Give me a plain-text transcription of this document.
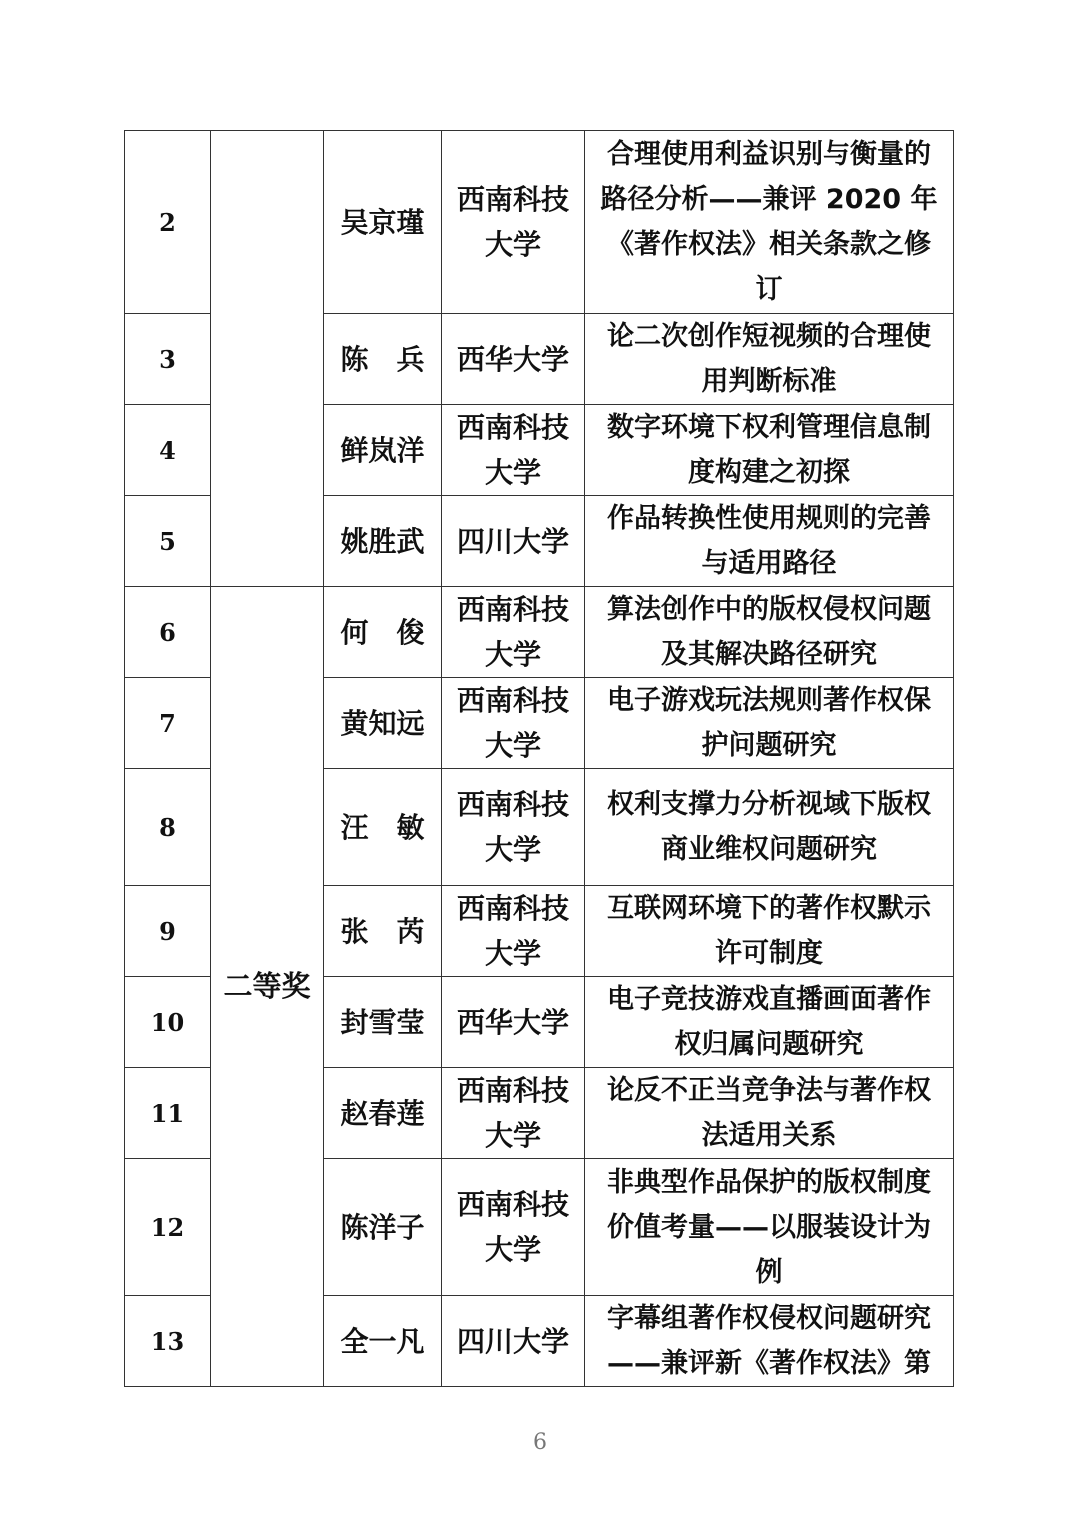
2		吴京瑾	西南科技大学	合理使用利益识别与衡量的路径分析——兼评 2020 年《著作权法》相关条款之修订
3		陈　兵	西华大学	论二次创作短视频的合理使用判断标准
4		鲜岚洋	西南科技大学	数字环境下权利管理信息制度构建之初探
5		姚胜武	四川大学	作品转换性使用规则的完善与适用路径
6	二等奖	何　俊	西南科技大学	算法创作中的版权侵权问题及其解决路径研究
7		黄知远	西南科技大学	电子游戏玩法规则著作权保护问题研究
8		汪　敏	西南科技大学	权利支撑力分析视域下版权商业维权问题研究
9		张　芮	西南科技大学	互联网环境下的著作权默示许可制度
10		封雪莹	西华大学	电子竞技游戏直播画面著作权归属问题研究
11		赵春莲	西南科技大学	论反不正当竞争法与著作权法适用关系
12		陈洋子	西南科技大学	非典型作品保护的版权制度价值考量——以服装设计为例
13		全一凡	四川大学	字幕组著作权侵权问题研究——兼评新《著作权法》第
6
